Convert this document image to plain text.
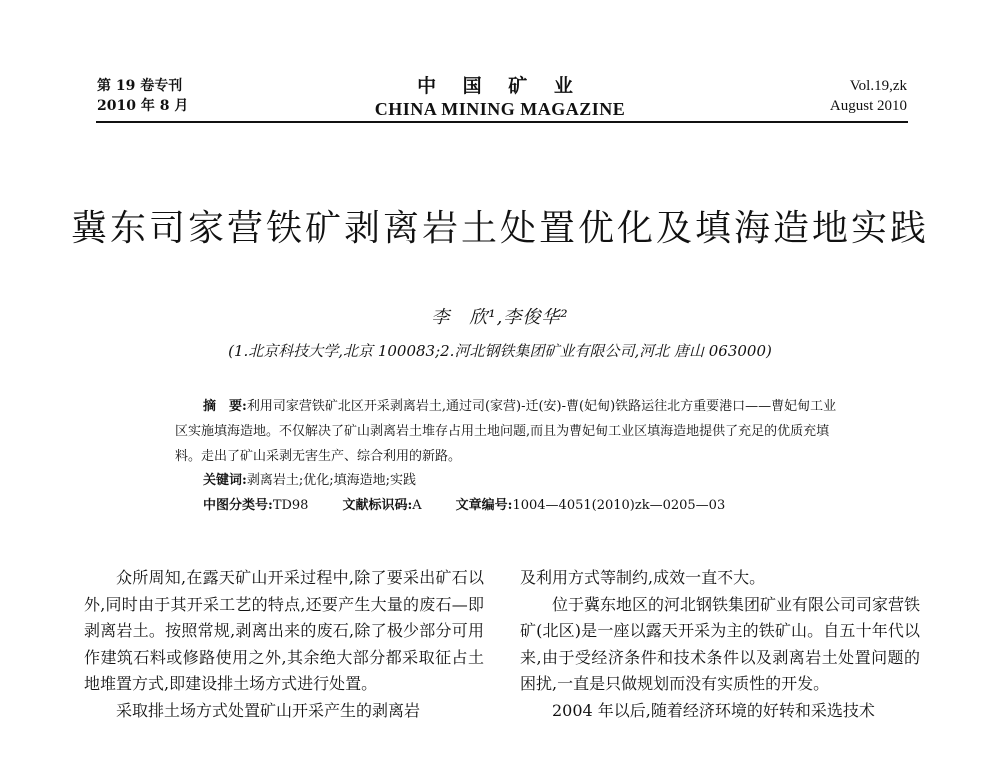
第 19 卷专刊
2010 年 8 月
中 国 矿 业
CHINA MINING MAGAZINE
Vol.19,zk
August 2010
冀东司家营铁矿剥离岩土处置优化及填海造地实践
李　欣¹,李俊华²
(1.北京科技大学,北京 100083;2.河北钢铁集团矿业有限公司,河北 唐山 063000)
摘　要:利用司家营铁矿北区开采剥离岩土,通过司(家营)-迁(安)-曹(妃甸)铁路运往北方重要港口——曹妃甸工业区实施填海造地。不仅解决了矿山剥离岩土堆存占用土地问题,而且为曹妃甸工业区填海造地提供了充足的优质充填料。走出了矿山采剥无害生产、综合利用的新路。
关键词:剥离岩土;优化;填海造地;实践
中图分类号:TD98	文献标识码:A	文章编号:1004—4051(2010)zk—0205—03

众所周知,在露天矿山开采过程中,除了要采出矿石以外,同时由于其开采工艺的特点,还要产生大量的废石—即剥离岩土。按照常规,剥离出来的废石,除了极少部分可用作建筑石料或修路使用之外,其余绝大部分都采取征占土地堆置方式,即建设排土场方式进行处置。

采取排土场方式处置矿山开采产生的剥离岩

及利用方式等制约,成效一直不大。

位于冀东地区的河北钢铁集团矿业有限公司司家营铁矿(北区)是一座以露天开采为主的铁矿山。自五十年代以来,由于受经济条件和技术条件以及剥离岩土处置问题的困扰,一直是只做规划而没有实质性的开发。

2004 年以后,随着经济环境的好转和采选技术
